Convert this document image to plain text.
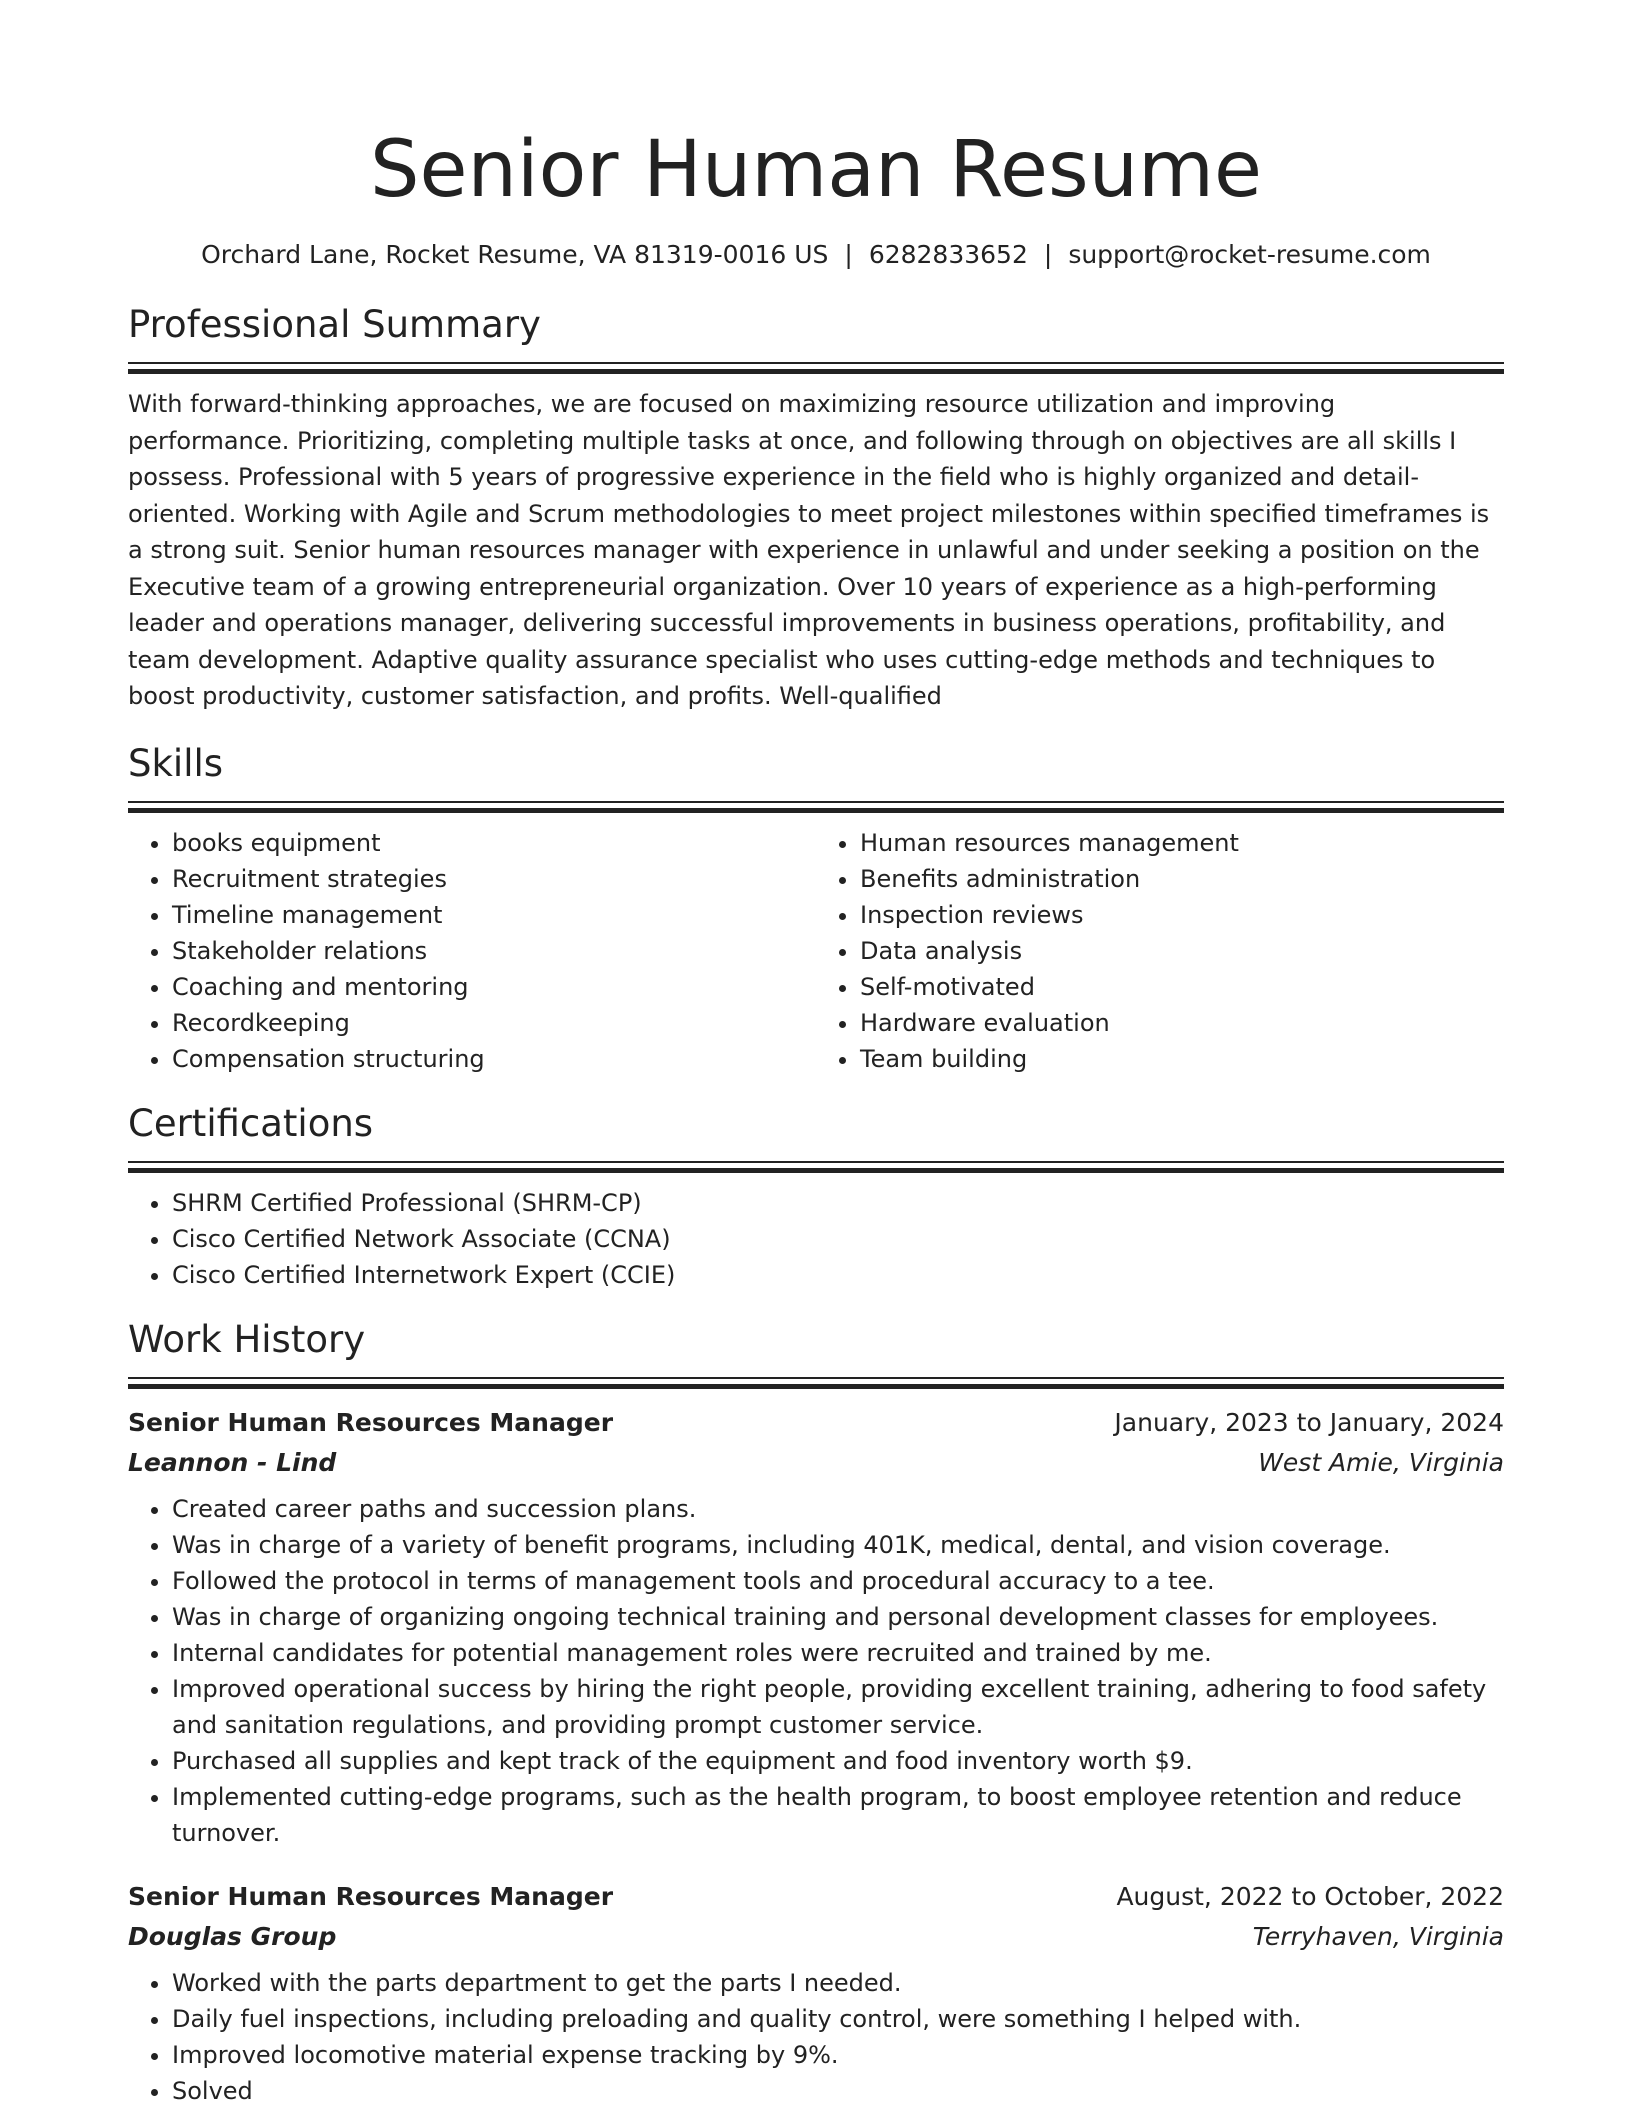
Senior Human Resume
Orchard Lane, Rocket Resume, VA 81319-0016 US | 6282833652 | support@rocket-resume.com
Professional Summary

With forward-thinking approaches, we are focused on maximizing resource utilization and improving performance. Prioritizing, completing multiple tasks at once, and following through on objectives are all skills I possess. Professional with 5 years of progressive experience in the field who is highly organized and detail-oriented. Working with Agile and Scrum methodologies to meet project milestones within specified timeframes is a strong suit. Senior human resources manager with experience in unlawful and under seeking a position on the Executive team of a growing entrepreneurial organization. Over 10 years of experience as a high-performing leader and operations manager, delivering successful improvements in business operations, profitability, and team development. Adaptive quality assurance specialist who uses cutting-edge methods and techniques to boost productivity, customer satisfaction, and profits. Well-qualified

Skills
• books equipment
• Recruitment strategies
• Timeline management
• Stakeholder relations
• Coaching and mentoring
• Recordkeeping
• Compensation structuring
• Human resources management
• Benefits administration
• Inspection reviews
• Data analysis
• Self-motivated
• Hardware evaluation
• Team building
Certifications
• SHRM Certified Professional (SHRM-CP)
• Cisco Certified Network Associate (CCNA)
• Cisco Certified Internetwork Expert (CCIE)
Work History
Senior Human Resources Manager	January, 2023 to January, 2024
Leannon - Lind	West Amie, Virginia
• Created career paths and succession plans.
• Was in charge of a variety of benefit programs, including 401K, medical, dental, and vision coverage.
• Followed the protocol in terms of management tools and procedural accuracy to a tee.
• Was in charge of organizing ongoing technical training and personal development classes for employees.
• Internal candidates for potential management roles were recruited and trained by me.
• Improved operational success by hiring the right people, providing excellent training, adhering to food safety and sanitation regulations, and providing prompt customer service.
• Purchased all supplies and kept track of the equipment and food inventory worth $9.
• Implemented cutting-edge programs, such as the health program, to boost employee retention and reduce turnover.
Senior Human Resources Manager	August, 2022 to October, 2022
Douglas Group	Terryhaven, Virginia
• Worked with the parts department to get the parts I needed.
• Daily fuel inspections, including preloading and quality control, were something I helped with.
• Improved locomotive material expense tracking by 9%.
• Solved
